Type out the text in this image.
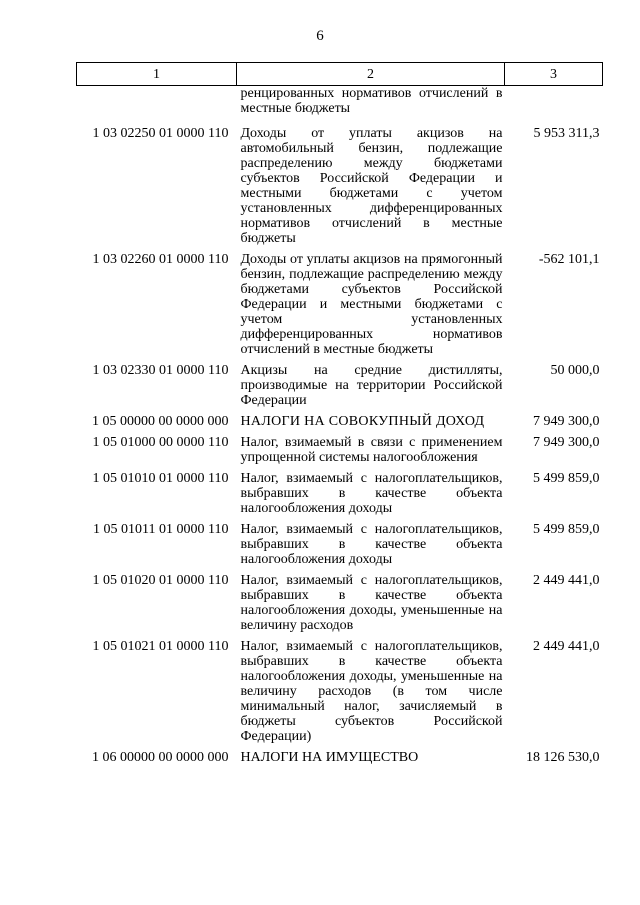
6
1	2	3
	ренцированных нормативов отчислений в местные бюджеты	
1 03 02250 01 0000 110	Доходы от уплаты акцизов на автомобильный бензин, подлежащие распределению между бюджетами субъектов Российской Федерации и местными бюджетами с учетом установленных дифференцированных нормативов отчислений в местные бюджеты	5 953 311,3
1 03 02260 01 0000 110	Доходы от уплаты акцизов на прямогонный бензин, подлежащие распределению между бюджетами субъектов Российской Федерации и местными бюджетами с учетом установленных дифференцированных нормативов отчислений в местные бюджеты	-562 101,1
1 03 02330 01 0000 110	Акцизы на средние дистилляты, производимые на территории Российской Федерации	50 000,0
1 05 00000 00 0000 000	НАЛОГИ НА СОВОКУПНЫЙ ДОХОД	7 949 300,0
1 05 01000 00 0000 110	Налог, взимаемый в связи с применением упрощенной системы налогообложения	7 949 300,0
1 05 01010 01 0000 110	Налог, взимаемый с налогоплательщиков, выбравших в качестве объекта налогообложения доходы	5 499 859,0
1 05 01011 01 0000 110	Налог, взимаемый с налогоплательщиков, выбравших в качестве объекта налогообложения доходы	5 499 859,0
1 05 01020 01 0000 110	Налог, взимаемый с налогоплательщиков, выбравших в качестве объекта налогообложения доходы, уменьшенные на величину расходов	2 449 441,0
1 05 01021 01 0000 110	Налог, взимаемый с налогоплательщиков, выбравших в качестве объекта налогообложения доходы, уменьшенные на величину расходов (в том числе минимальный налог, зачисляемый в бюджеты субъектов Российской Федерации)	2 449 441,0
1 06 00000 00 0000 000	НАЛОГИ НА ИМУЩЕСТВО	18 126 530,0
